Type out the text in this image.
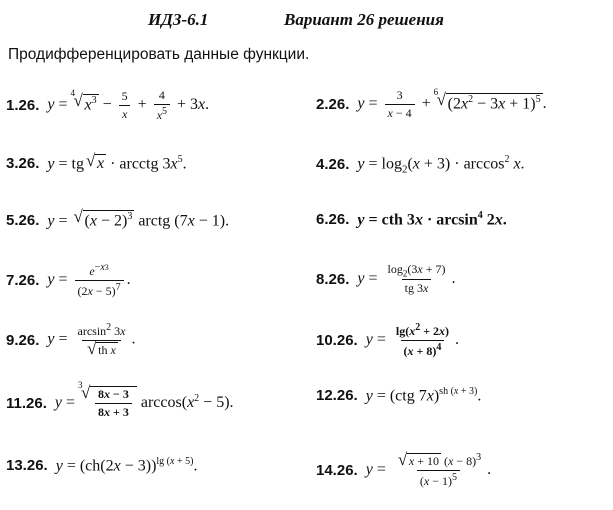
ИДЗ-6.1	Вариант 26 решения
Продифференцировать данные функции.
1.26. y =
√ 4
$x^3 - \frac{5}{x} + \frac{4}{x^5} + 3x$.	2.26. $y = \frac{3}{x - 4}$ +
√ 6
$(2x^2 - 3x + 1)^5$ .
3.26. y = tg √ x · arcctg $3x^5$.	4.26. $y = \log_2(x + 3) \cdot \arccos^2 x$.
5.26. y = √ $(x - 2)^3$ arctg (7x − 1).	6.26. y = cth $3x \cdot \arcsin^4 2x$.
7.26. $y = \frac{e^{-x3}}{(2x - 5)^7}$ .	8.26. $y = \frac{\log_2(3x + 7)}{tg 3x}$ .
9.26. $y = \arcsin^2 3x$
√ th x .	10.26. $y = \frac{\lg(x^2 + 2x)}{(x + 8)^4}$ .
11.26. y =
√ 3
$\frac{8x - 3}{8x + 3} \arccos(x^2 - 5)$.	12.26. y = (ctg 7x)$^{sh (x + 3)}$.
13.26. $y = (ch(2x - 3))^{lg (x + 5)}$.	14.26. y = √ $\frac{x + 10 (x - 8)^3}{(x - 1)^5}$ .
